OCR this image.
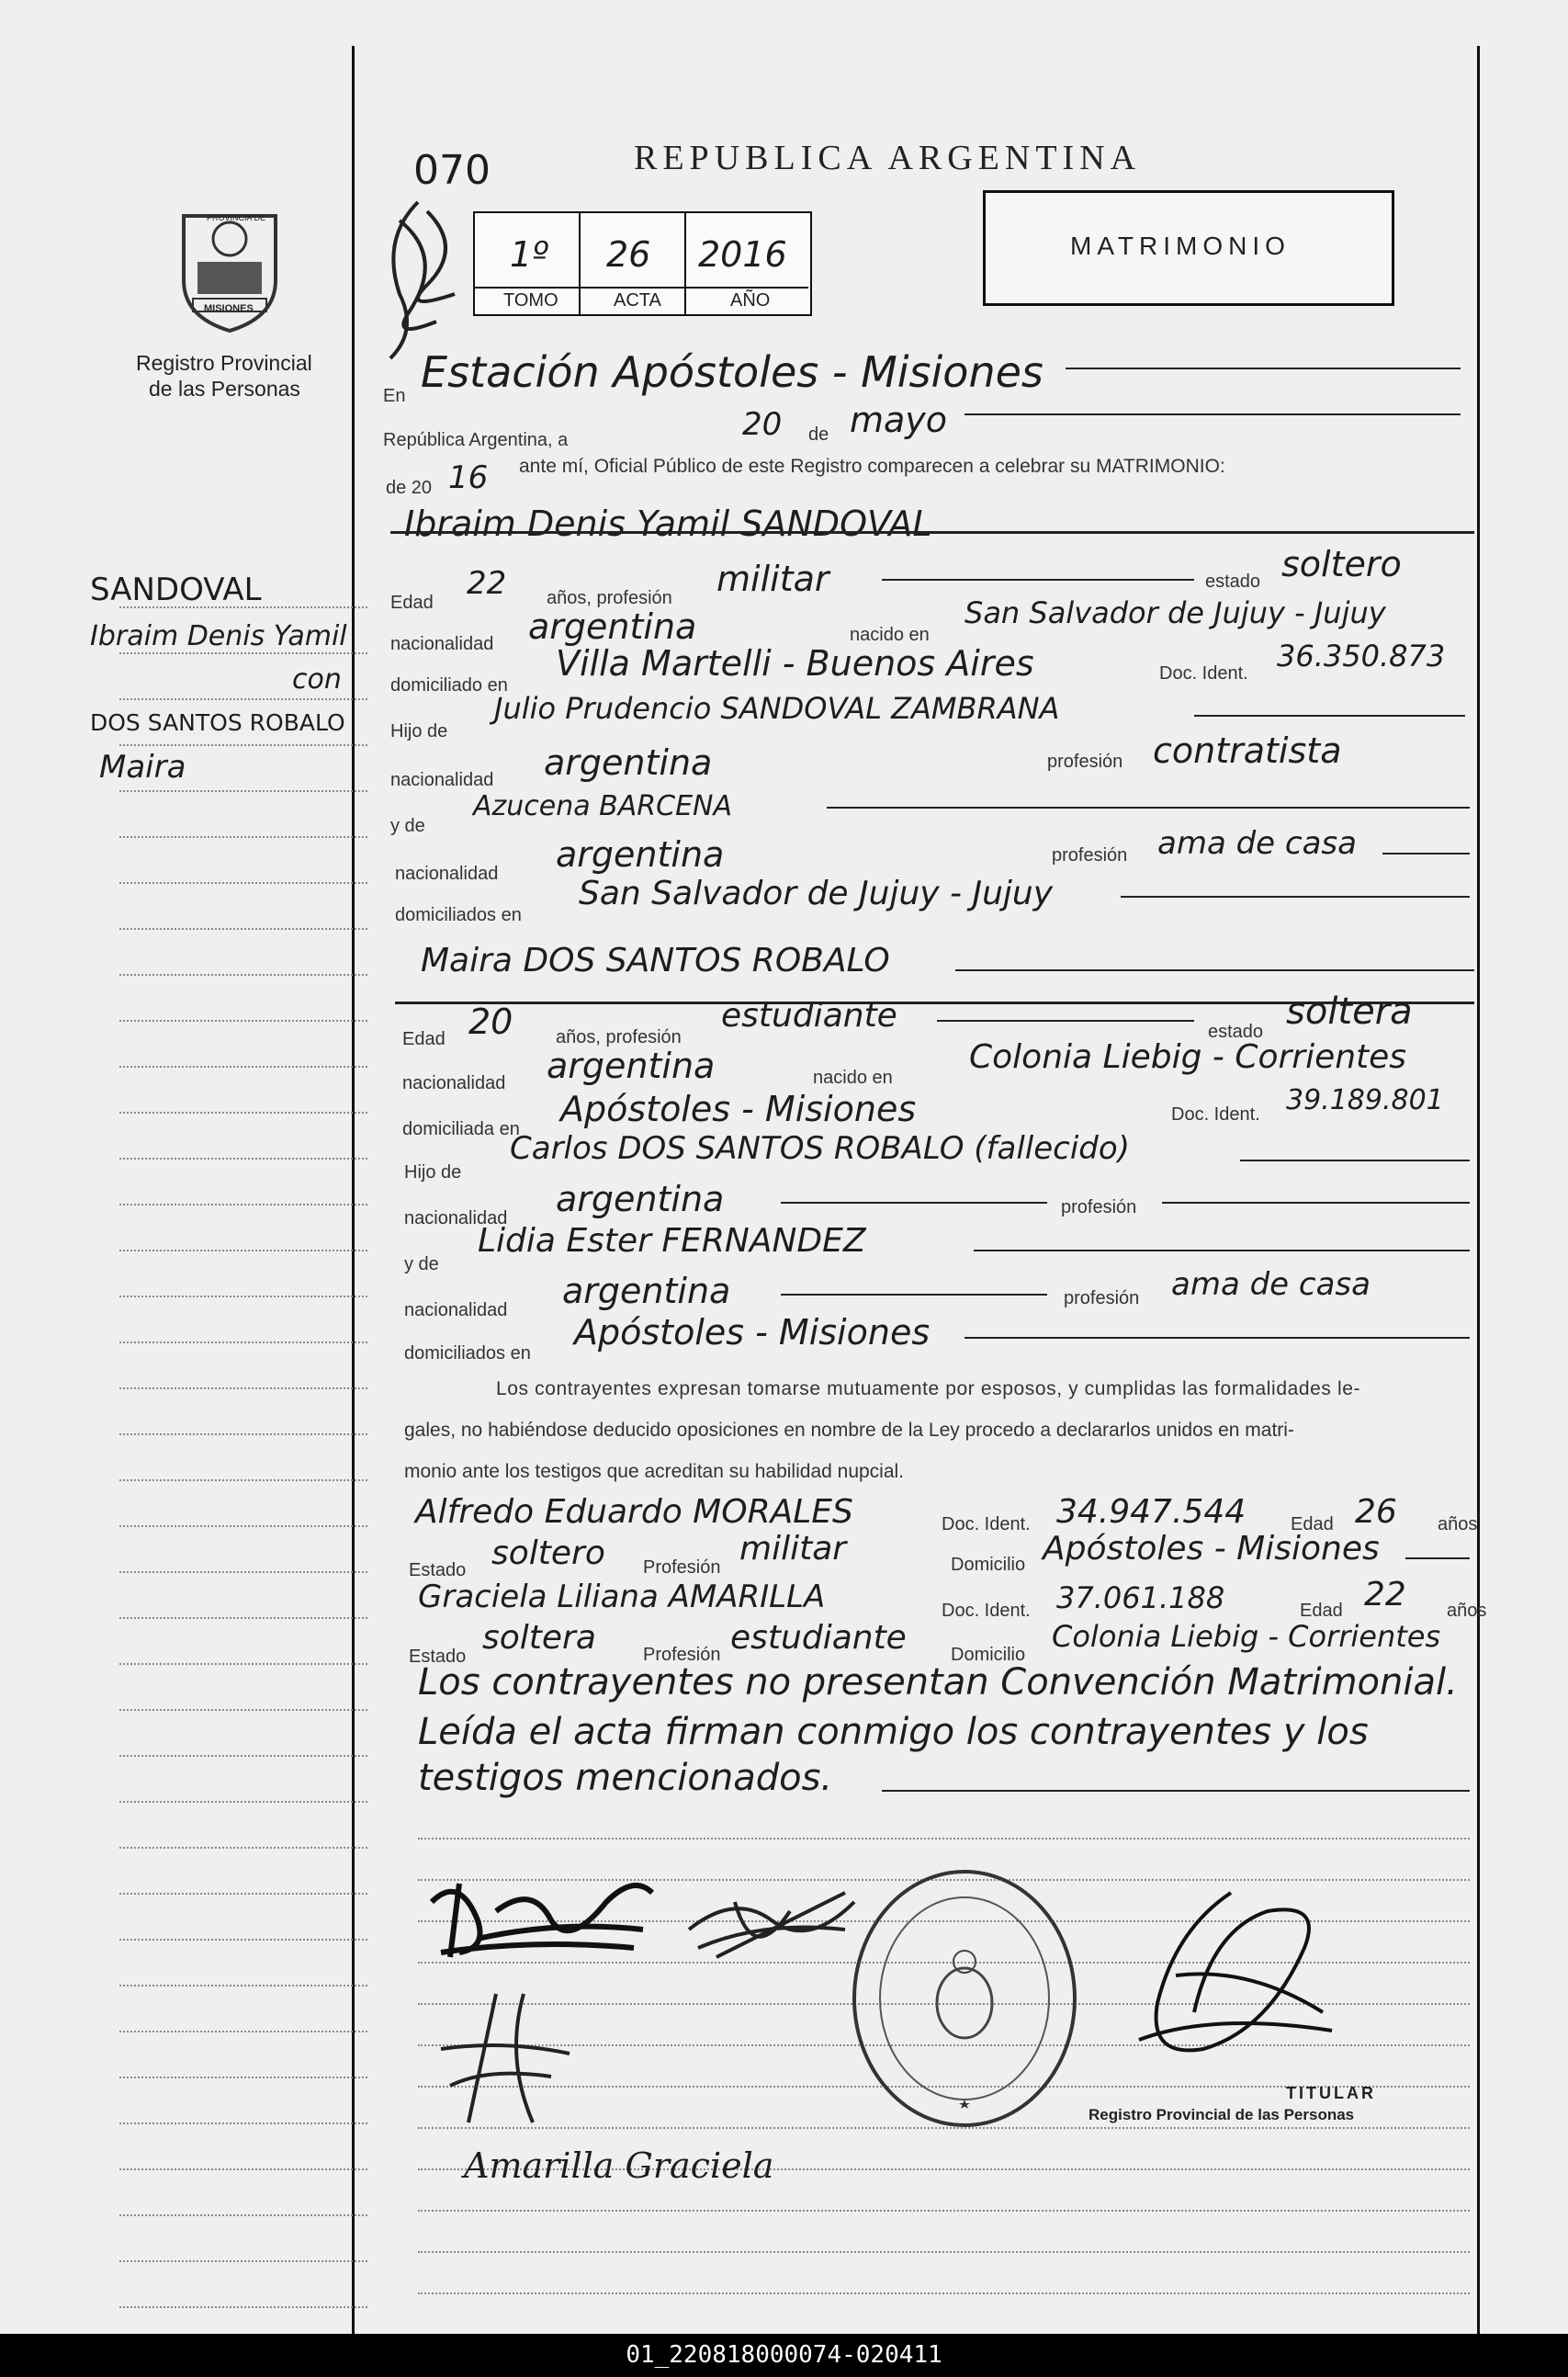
070	REPUBLICA ARGENTINA
PROVINCIA DE
MISIONES
Registro Provincial
de las Personas
1º 26 2016
TOMO	ACTA	AÑO
MATRIMONIO
SANDOVAL
Ibraim Denis Yamil
con
DOS SANTOS ROBALO
Maira
En Estación Apóstoles - Misiones
República Argentina, a	20 de mayo
de 20 16 ante mí, Oficial Público de este Registro comparecen a celebrar su MATRIMONIO:
Ibraim Denis Yamil SANDOVAL
Edad
22 años, profesión militar	estado soltero
nacionalidad argentina	nacido en
San Salvador de Jujuy - Jujuy
domiciliado en
Villa Martelli - Buenos Aires	Doc. Ident. 36.350.873
Hijo de
Julio Prudencio SANDOVAL ZAMBRANA
nacionalidad argentina	profesión contratista
y de
Azucena BARCENA
nacionalidad argentina	profesión ama de casa
domiciliados en
San Salvador de Jujuy - Jujuy
Maira DOS SANTOS ROBALO
Edad 20 años, profesión
estudiante	estado soltera
nacionalidad argentina	nacido en
Colonia Liebig - Corrientes
domiciliada en Apóstoles - Misiones	Doc. Ident. 39.189.801
Hijo de
Carlos DOS SANTOS ROBALO (fallecido)
nacionalidad argentina	profesión
y de
Lidia Ester FERNANDEZ
nacionalidad argentina	profesión ama de casa
domiciliados en
Apóstoles - Misiones
Los contrayentes expresan tomarse mutuamente por esposos, y cumplidas las formalidades le-
gales, no habiéndose deducido oposiciones en nombre de la Ley procedo a declararlos unidos en matri-
monio ante los testigos que acreditan su habilidad nupcial.
Alfredo Eduardo MORALES	Doc. Ident. 34.947.544 Edad 26 años
Estado soltero Profesión militar	Domicilio Apóstoles - Misiones
Graciela Liliana AMARILLA	Doc. Ident. 37.061.188	Edad 22 años
Estado soltera	Profesión estudiante Domicilio
Colonia Liebig - Corrientes
Los contrayentes no presentan Convención Matrimonial.
Leída el acta firman conmigo los contrayentes y los
testigos mencionados.
Amarilla Graciela
TITULAR
Registro Provincial de las Personas
01_220818000074-020411
